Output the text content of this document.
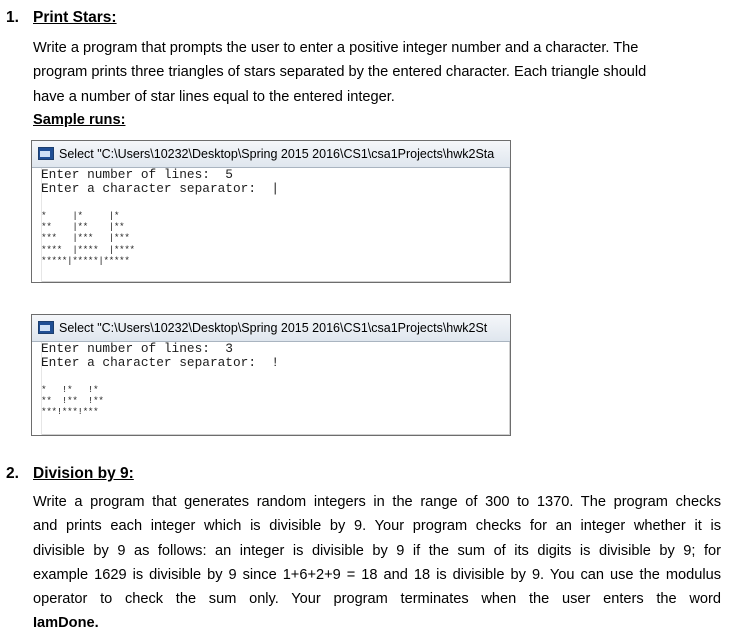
1. Print Stars:
Write a program that prompts the user to enter a positive integer number and a character. The
program prints three triangles of stars separated by the entered character. Each triangle should
have a number of star lines equal to the entered integer.
Sample runs:
Select "C:\Users\10232\Desktop\Spring 2015 2016\CS1\csa1Projects\hwk2Sta
Enter number of lines:  5
Enter a character separator:  |
*     |*     |*
**    |**    |**
***   |***   |***
****  |****  |****
*****|*****|*****
Select "C:\Users\10232\Desktop\Spring 2015 2016\CS1\csa1Projects\hwk2St
Enter number of lines:  3
Enter a character separator:  !
*   !*   !*
**  !**  !**
***!***!***
2. Division by 9:
Write a program that generates random integers in the range of 300 to 1370. The program checks
and prints each integer which is divisible by 9. Your program checks for an integer whether it is
divisible by 9 as follows: an integer is divisible by 9 if the sum of its digits is divisible by 9; for
example 1629 is divisible by 9 since 1+6+2+9 = 18 and 18 is divisible by 9. You can use the modulus
operator to check the sum only. Your program terminates when the user enters the word
IamDone.
